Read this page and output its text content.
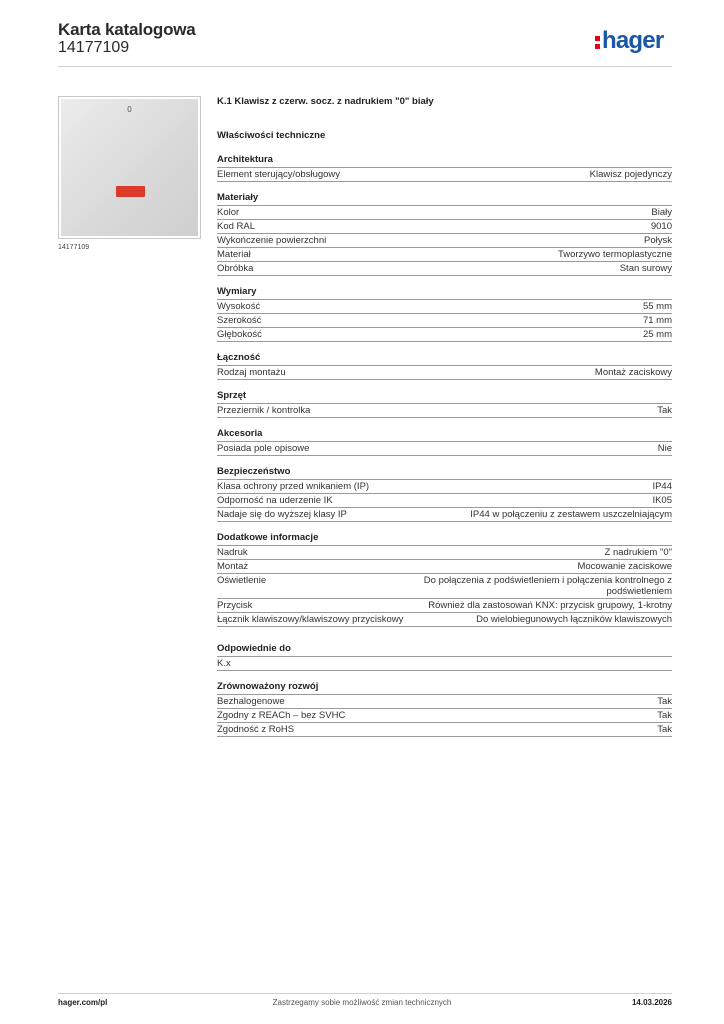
Karta katalogowa
14177109	hager
0
14177109
K.1 Klawisz z czerw. socz. z nadrukiem "0" biały
Właściwości techniczne
Architektura
Element sterujący/obsługowy	Klawisz pojedynczy
Materiały
Kolor	Biały
Kod RAL	9010
Wykończenie powierzchni	Połysk
Materiał	Tworzywo termoplastyczne
Obróbka	Stan surowy
Wymiary
Wysokość	55 mm
Szerokość	71 mm
Głębokość	25 mm
Łączność
Rodzaj montażu	Montaż zaciskowy
Sprzęt
Przeziernik / kontrolka	Tak
Akcesoria
Posiada pole opisowe	Nie
Bezpieczeństwo
Klasa ochrony przed wnikaniem (IP)	IP44
Odporność na uderzenie IK	IK05
Nadaje się do wyższej klasy IP	IP44 w połączeniu z zestawem uszczelniającym
Dodatkowe informacje
Nadruk	Z nadrukiem "0"
Montaż	Mocowanie zaciskowe
Oświetlenie	Do połączenia z podświetleniem i połączenia kontrolnego z podświetleniem
Przycisk	Również dla zastosowań KNX: przycisk grupowy, 1-krotny
Łącznik klawiszowy/klawiszowy przyciskowy	Do wielobiegunowych łączników klawiszowych
Odpowiednie do
K.x
Zrównoważony rozwój
Bezhalogenowe	Tak
Zgodny z REACh – bez SVHC	Tak
Zgodność z RoHS	Tak
hager.com/pl	Zastrzegamy sobie możliwość zmian technicznych	14.03.2026
